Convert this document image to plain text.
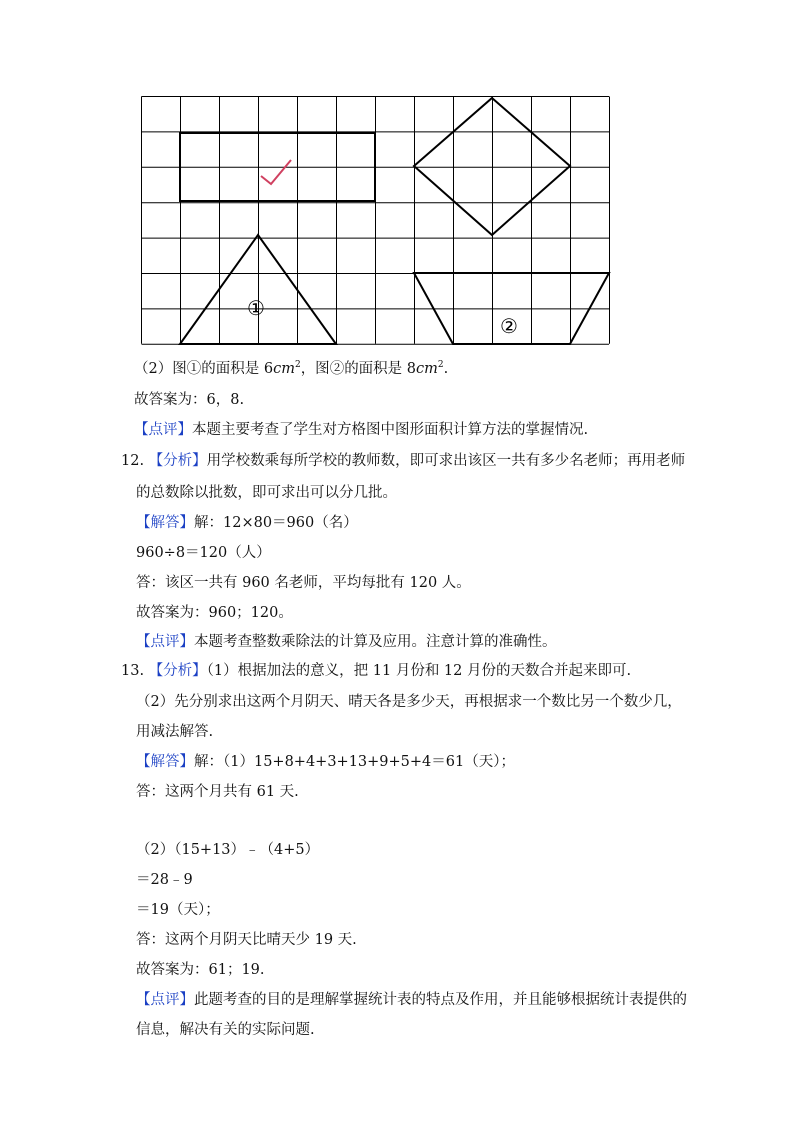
①
②
（2）图①的面积是 $6cm^2$，图②的面积是 $8cm^2$.
故答案为：6，8.
【点评】本题主要考查了学生对方格图中图形面积计算方法的掌握情况.
12. 【分析】用学校数乘每所学校的教师数，即可求出该区一共有多少名老师；再用老师
的总数除以批数，即可求出可以分几批。
【解答】解：12×80＝960（名）
960÷8＝120（人）
答：该区一共有 960 名老师，平均每批有 120 人。
故答案为：960；120。
【点评】本题考查整数乘除法的计算及应用。注意计算的准确性。
13. 【分析】（1）根据加法的意义，把 11 月份和 12 月份的天数合并起来即可.
（2）先分别求出这两个月阴天、晴天各是多少天，再根据求一个数比另一个数少几，
用减法解答.
【解答】解：（1）15+8+4+3+13+9+5+4＝61（天）；
答：这两个月共有 61 天.
（2）（15+13）﹣（4+5）
＝28﹣9
＝19（天）；
答：这两个月阴天比晴天少 19 天.
故答案为：61；19.
【点评】此题考查的目的是理解掌握统计表的特点及作用，并且能够根据统计表提供的
信息，解决有关的实际问题.
